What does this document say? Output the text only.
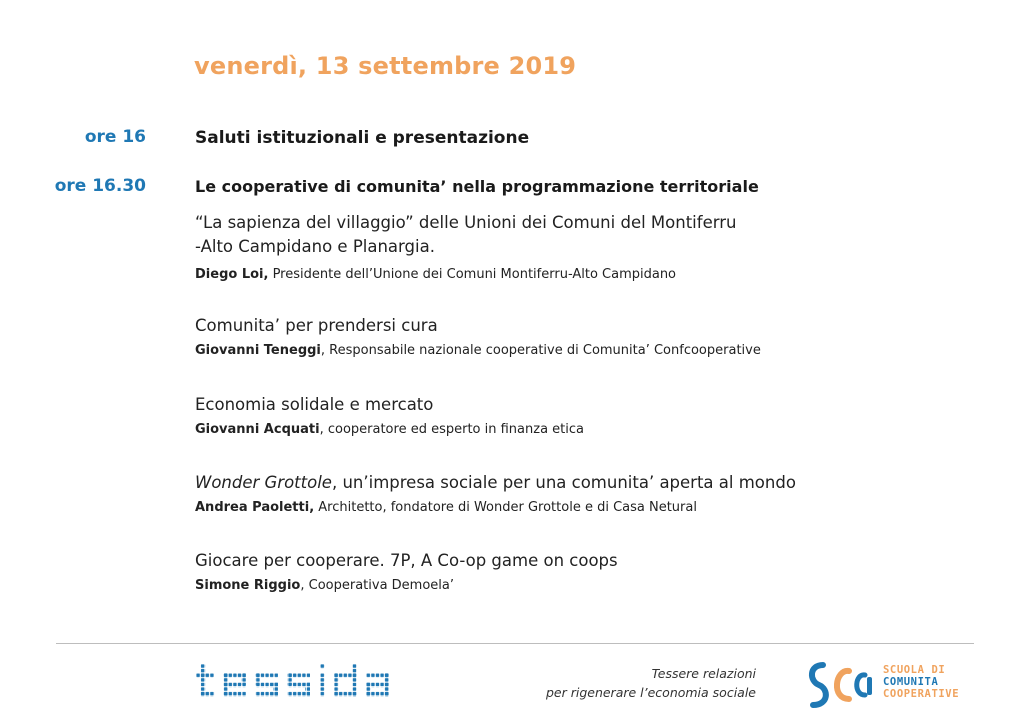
venerdì, 13 settembre 2019
ore 16	Saluti istituzionali e presentazione
ore 16.30	Le cooperative di comunita’ nella programmazione territoriale
“La sapienza del villaggio” delle Unioni dei Comuni del Montiferru
-Alto Campidano e Planargia.
Diego Loi, Presidente dell’Unione dei Comuni Montiferru-Alto Campidano
Comunita’ per prendersi cura
Giovanni Teneggi, Responsabile nazionale cooperative di Comunita’ Confcooperative
Economia solidale e mercato
Giovanni Acquati, cooperatore ed esperto in finanza etica
Wonder Grottole, un’impresa sociale per una comunita’ aperta al mondo
Andrea Paoletti, Architetto, fondatore di Wonder Grottole e di Casa Netural
Giocare per cooperare. 7P, A Co-op game on coops
Simone Riggio, Cooperativa Demoela’
Tessere relazioni
per rigenerare l’economia sociale
SCUOLA DI
COMUNITA
COOPERATIVE
